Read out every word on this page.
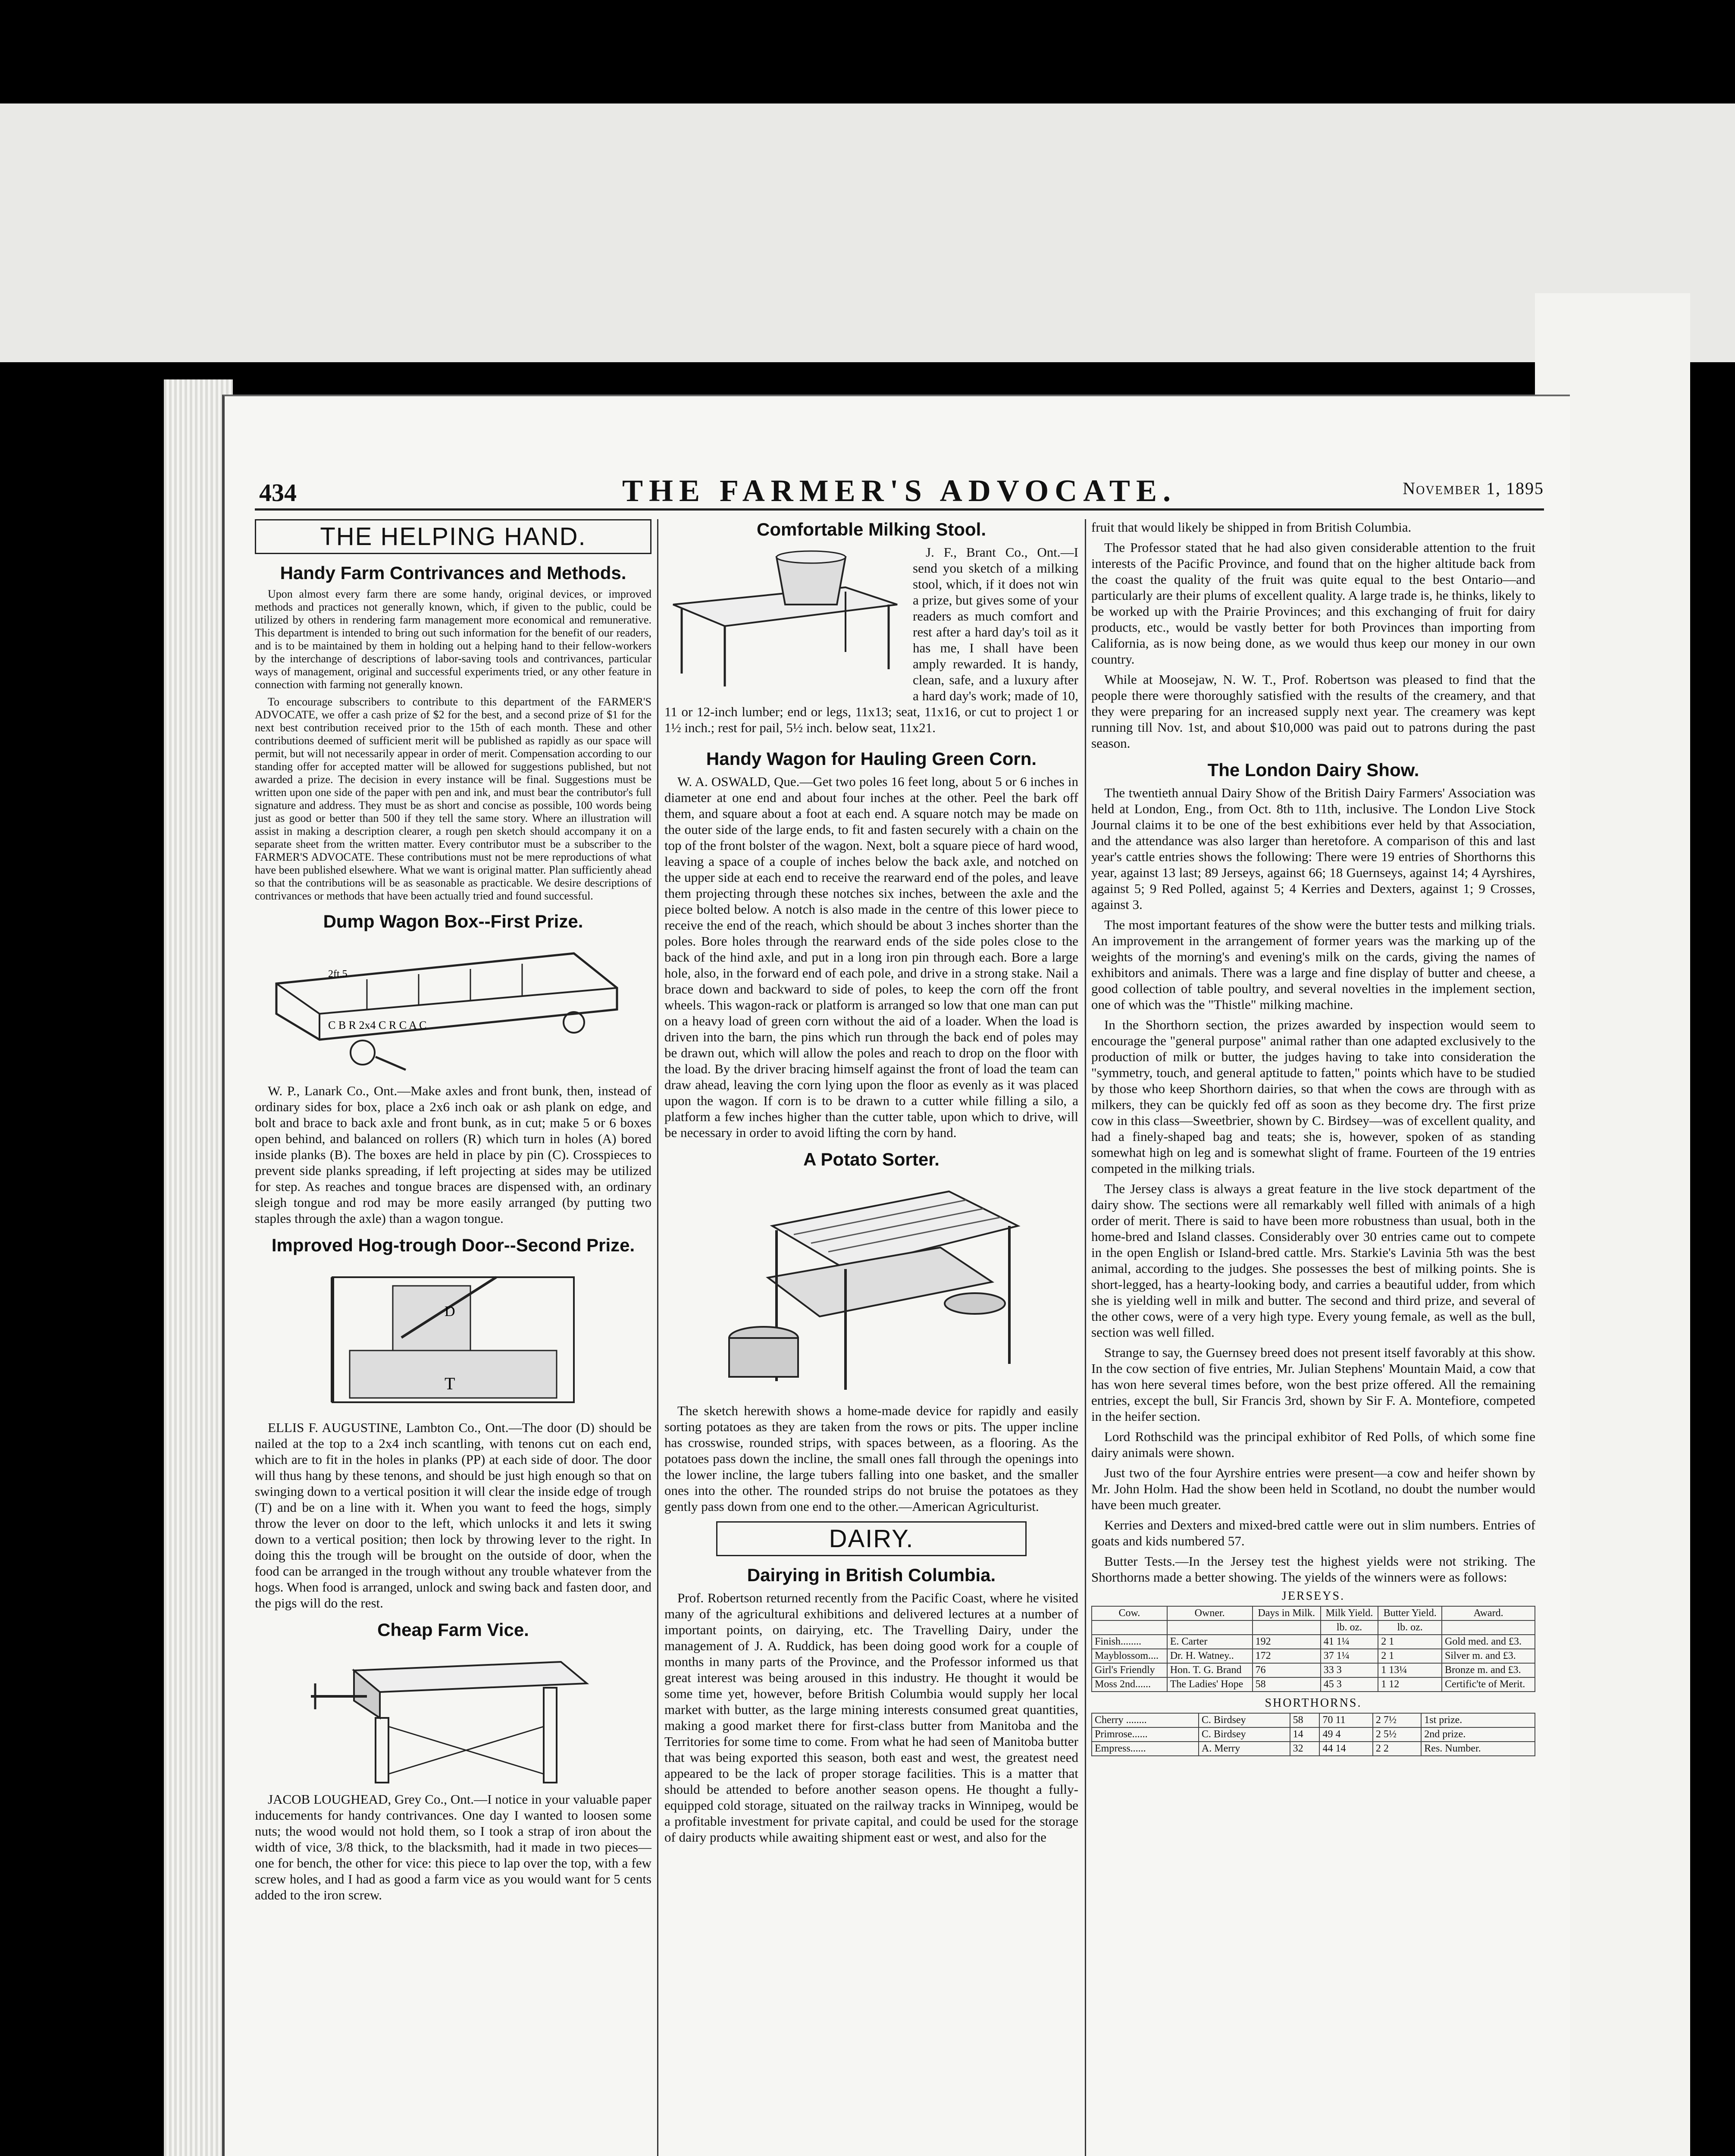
434	THE FARMER'S ADVOCATE.	November 1, 1895
THE HELPING HAND.
Handy Farm Contrivances and Methods.

Upon almost every farm there are some handy, original devices, or improved methods and practices not generally known, which, if given to the public, could be utilized by others in rendering farm management more economical and remunerative. This department is intended to bring out such information for the benefit of our readers, and is to be maintained by them in holding out a helping hand to their fellow-workers by the interchange of descriptions of labor-saving tools and contrivances, particular ways of management, original and successful experiments tried, or any other feature in connection with farming not generally known.

To encourage subscribers to contribute to this department of the FARMER'S ADVOCATE, we offer a cash prize of $2 for the best, and a second prize of $1 for the next best contribution received prior to the 15th of each month. These and other contributions deemed of sufficient merit will be published as rapidly as our space will permit, but will not necessarily appear in order of merit. Compensation according to our standing offer for accepted matter will be allowed for suggestions published, but not awarded a prize. The decision in every instance will be final. Suggestions must be written upon one side of the paper with pen and ink, and must bear the contributor's full signature and address. They must be as short and concise as possible, 100 words being just as good or better than 500 if they tell the same story. Where an illustration will assist in making a description clearer, a rough pen sketch should accompany it on a separate sheet from the written matter. Every contributor must be a subscriber to the FARMER'S ADVOCATE. These contributions must not be mere reproductions of what have been published elsewhere. What we want is original matter. Plan sufficiently ahead so that the contributions will be as seasonable as practicable. We desire descriptions of contrivances or methods that have been actually tried and found successful.

Dump Wagon Box--First Prize.
2ft.5
C B R 2x4 C R C A C

W. P., Lanark Co., Ont.—Make axles and front bunk, then, instead of ordinary sides for box, place a 2x6 inch oak or ash plank on edge, and bolt and brace to back axle and front bunk, as in cut; make 5 or 6 boxes open behind, and balanced on rollers (R) which turn in holes (A) bored inside planks (B). The boxes are held in place by pin (C). Crosspieces to prevent side planks spreading, if left projecting at sides may be utilized for step. As reaches and tongue braces are dispensed with, an ordinary sleigh tongue and rod may be more easily arranged (by putting two staples through the axle) than a wagon tongue.

Improved Hog-trough Door--Second Prize.
D
T

ELLIS F. AUGUSTINE, Lambton Co., Ont.—The door (D) should be nailed at the top to a 2x4 inch scantling, with tenons cut on each end, which are to fit in the holes in planks (PP) at each side of door. The door will thus hang by these tenons, and should be just high enough so that on swinging down to a vertical position it will clear the inside edge of trough (T) and be on a line with it. When you want to feed the hogs, simply throw the lever on door to the left, which unlocks it and lets it swing down to a vertical position; then lock by throwing lever to the right. In doing this the trough will be brought on the outside of door, when the food can be arranged in the trough without any trouble whatever from the hogs. When food is arranged, unlock and swing back and fasten door, and the pigs will do the rest.

Cheap Farm Vice.

JACOB LOUGHEAD, Grey Co., Ont.—I notice in your valuable paper inducements for handy contrivances. One day I wanted to loosen some nuts; the wood would not hold them, so I took a strap of iron about the width of vice, 3/8 thick, to the blacksmith, had it made in two pieces—one for bench, the other for vice: this piece to lap over the top, with a few screw holes, and I had as good a farm vice as you would want for 5 cents added to the iron screw.

Comfortable Milking Stool.

J. F., Brant Co., Ont.—I send you sketch of a milking stool, which, if it does not win a prize, but gives some of your readers as much comfort and rest after a hard day's toil as it has me, I shall have been amply rewarded. It is handy, clean, safe, and a luxury after a hard day's work; made of 10, 11 or 12-inch lumber; end or legs, 11x13; seat, 11x16, or cut to project 1 or 1½ inch.; rest for pail, 5½ inch. below seat, 11x21.

Handy Wagon for Hauling Green Corn.

W. A. OSWALD, Que.—Get two poles 16 feet long, about 5 or 6 inches in diameter at one end and about four inches at the other. Peel the bark off them, and square about a foot at each end. A square notch may be made on the outer side of the large ends, to fit and fasten securely with a chain on the top of the front bolster of the wagon. Next, bolt a square piece of hard wood, leaving a space of a couple of inches below the back axle, and notched on the upper side at each end to receive the rearward end of the poles, and leave them projecting through these notches six inches, between the axle and the piece bolted below. A notch is also made in the centre of this lower piece to receive the end of the reach, which should be about 3 inches shorter than the poles. Bore holes through the rearward ends of the side poles close to the back of the hind axle, and put in a long iron pin through each. Bore a large hole, also, in the forward end of each pole, and drive in a strong stake. Nail a brace down and backward to side of poles, to keep the corn off the front wheels. This wagon-rack or platform is arranged so low that one man can put on a heavy load of green corn without the aid of a loader. When the load is driven into the barn, the pins which run through the back end of poles may be drawn out, which will allow the poles and reach to drop on the floor with the load. By the driver bracing himself against the front of load the team can draw ahead, leaving the corn lying upon the floor as evenly as it was placed upon the wagon. If corn is to be drawn to a cutter while filling a silo, a platform a few inches higher than the cutter table, upon which to drive, will be necessary in order to avoid lifting the corn by hand.

A Potato Sorter.

The sketch herewith shows a home-made device for rapidly and easily sorting potatoes as they are taken from the rows or pits. The upper incline has crosswise, rounded strips, with spaces between, as a flooring. As the potatoes pass down the incline, the small ones fall through the openings into the lower incline, the large tubers falling into one basket, and the smaller ones into the other. The rounded strips do not bruise the potatoes as they gently pass down from one end to the other.—American Agriculturist.

DAIRY.
Dairying in British Columbia.

Prof. Robertson returned recently from the Pacific Coast, where he visited many of the agricultural exhibitions and delivered lectures at a number of important points, on dairying, etc. The Travelling Dairy, under the management of J. A. Ruddick, has been doing good work for a couple of months in many parts of the Province, and the Professor informed us that great interest was being aroused in this industry. He thought it would be some time yet, however, before British Columbia would supply her local market with butter, as the large mining interests consumed great quantities, making a good market there for first-class butter from Manitoba and the Territories for some time to come. From what he had seen of Manitoba butter that was being exported this season, both east and west, the greatest need appeared to be the lack of proper storage facilities. This is a matter that should be attended to before another season opens. He thought a fully-equipped cold storage, situated on the railway tracks in Winnipeg, would be a profitable investment for private capital, and could be used for the storage of dairy products while awaiting shipment east or west, and also for the

fruit that would likely be shipped in from British Columbia.

The Professor stated that he had also given considerable attention to the fruit interests of the Pacific Province, and found that on the higher altitude back from the coast the quality of the fruit was quite equal to the best Ontario—and particularly are their plums of excellent quality. A large trade is, he thinks, likely to be worked up with the Prairie Provinces; and this exchanging of fruit for dairy products, etc., would be vastly better for both Provinces than importing from California, as is now being done, as we would thus keep our money in our own country.

While at Moosejaw, N. W. T., Prof. Robertson was pleased to find that the people there were thoroughly satisfied with the results of the creamery, and that they were preparing for an increased supply next year. The creamery was kept running till Nov. 1st, and about $10,000 was paid out to patrons during the past season.

The London Dairy Show.

The twentieth annual Dairy Show of the British Dairy Farmers' Association was held at London, Eng., from Oct. 8th to 11th, inclusive. The London Live Stock Journal claims it to be one of the best exhibitions ever held by that Association, and the attendance was also larger than heretofore. A comparison of this and last year's cattle entries shows the following: There were 19 entries of Shorthorns this year, against 13 last; 89 Jerseys, against 66; 18 Guernseys, against 14; 4 Ayrshires, against 5; 9 Red Polled, against 5; 4 Kerries and Dexters, against 1; 9 Crosses, against 3.

The most important features of the show were the butter tests and milking trials. An improvement in the arrangement of former years was the marking up of the weights of the morning's and evening's milk on the cards, giving the names of exhibitors and animals. There was a large and fine display of butter and cheese, a good collection of table poultry, and several novelties in the implement section, one of which was the "Thistle" milking machine.

In the Shorthorn section, the prizes awarded by inspection would seem to encourage the "general purpose" animal rather than one adapted exclusively to the production of milk or butter, the judges having to take into consideration the "symmetry, touch, and general aptitude to fatten," points which have to be studied by those who keep Shorthorn dairies, so that when the cows are through with as milkers, they can be quickly fed off as soon as they become dry. The first prize cow in this class—Sweetbrier, shown by C. Birdsey—was of excellent quality, and had a finely-shaped bag and teats; she is, however, spoken of as standing somewhat high on leg and is somewhat slight of frame. Fourteen of the 19 entries competed in the milking trials.

The Jersey class is always a great feature in the live stock department of the dairy show. The sections were all remarkably well filled with animals of a high order of merit. There is said to have been more robustness than usual, both in the home-bred and Island classes. Considerably over 30 entries came out to compete in the open English or Island-bred cattle. Mrs. Starkie's Lavinia 5th was the best animal, according to the judges. She possesses the best of milking points. She is short-legged, has a hearty-looking body, and carries a beautiful udder, from which she is yielding well in milk and butter. The second and third prize, and several of the other cows, were of a very high type. Every young female, as well as the bull, section was well filled.

Strange to say, the Guernsey breed does not present itself favorably at this show. In the cow section of five entries, Mr. Julian Stephens' Mountain Maid, a cow that has won here several times before, won the best prize offered. All the remaining entries, except the bull, Sir Francis 3rd, shown by Sir F. A. Montefiore, competed in the heifer section.

Lord Rothschild was the principal exhibitor of Red Polls, of which some fine dairy animals were shown.

Just two of the four Ayrshire entries were present—a cow and heifer shown by Mr. John Holm. Had the show been held in Scotland, no doubt the number would have been much greater.

Kerries and Dexters and mixed-bred cattle were out in slim numbers. Entries of goats and kids numbered 57.

Butter Tests.—In the Jersey test the highest yields were not striking. The Shorthorns made a better showing. The yields of the winners were as follows:

JERSEYS.
Cow.	Owner.	Days in Milk.	Milk Yield.	Butter Yield.	Award.
			lb. oz.	lb. oz.	
Finish........	E. Carter	192	41 1¼	2 1	Gold med. and £3.
Mayblossom....	Dr. H. Watney..	172	37 1¼	2 1	Silver m. and £3.
Girl's Friendly	Hon. T. G. Brand	76	33 3	1 13¼	Bronze m. and £3.
Moss 2nd......	The Ladies' Hope	58	45 3	1 12	Certific'te of Merit.
SHORTHORNS.
Cherry ........	C. Birdsey	58	70 11	2 7½	1st prize.
Primrose......	C. Birdsey	14	49 4	2 5½	2nd prize.
Empress......	A. Merry	32	44 14	2 2	Res. Number.
